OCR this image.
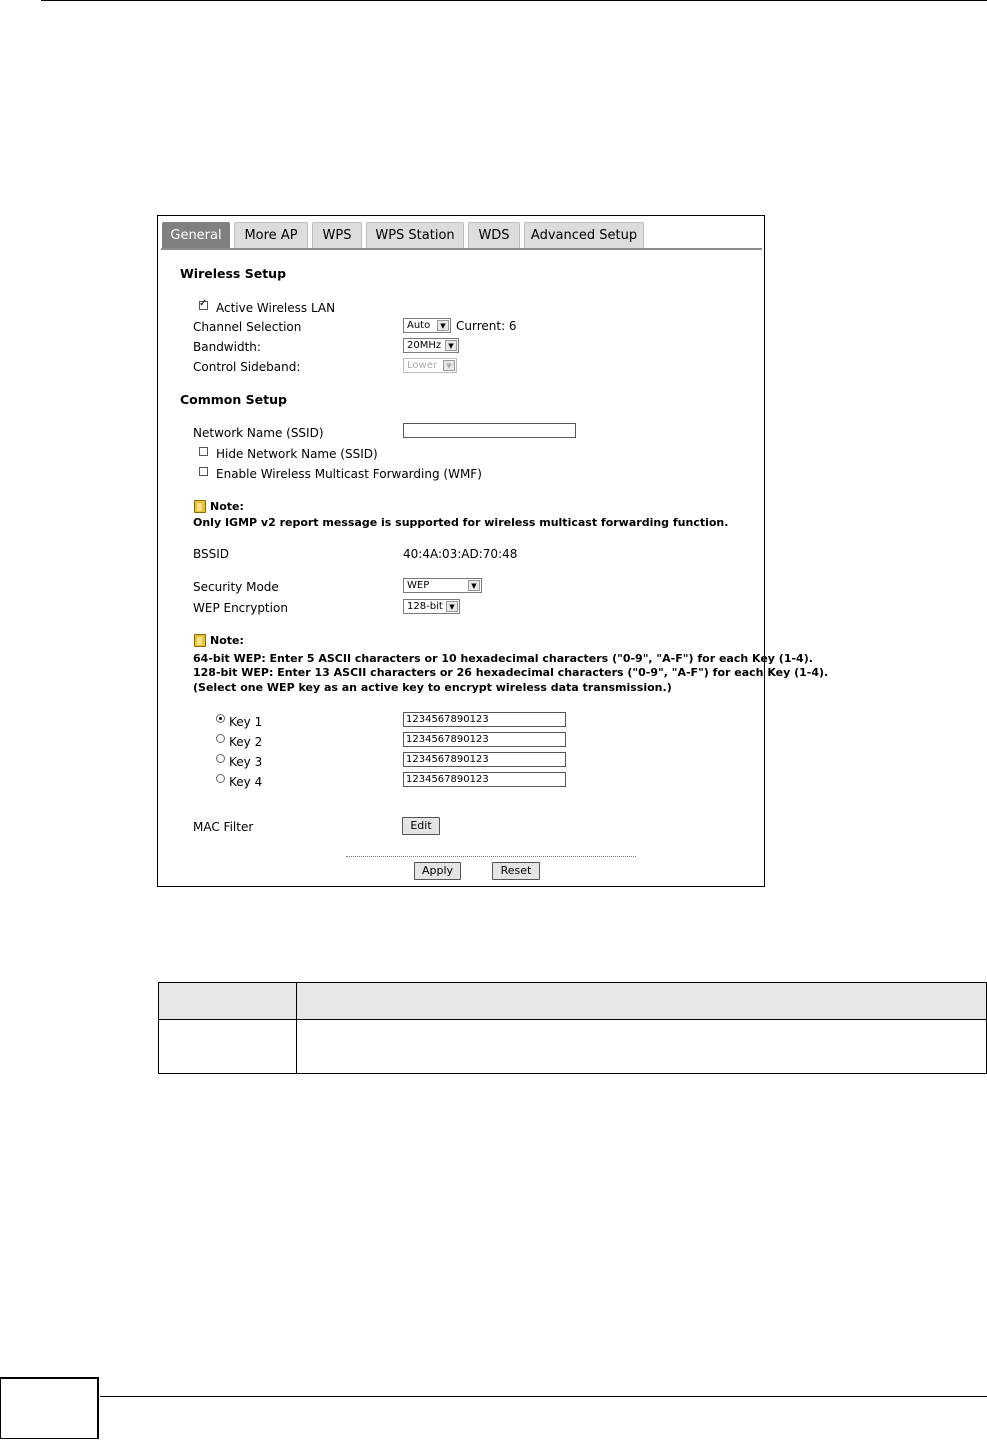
General	More AP	WPS	WPS Station	WDS	Advanced Setup
Wireless Setup
✓
Active Wireless LAN
Channel Selection	Auto	▼ Current: 6
Bandwidth:	20MHz	▼
Control Sideband:	Lower	▼
Common Setup
Network Name (SSID)
Hide Network Name (SSID)
Enable Wireless Multicast Forwarding (WMF)
Note:
Only IGMP v2 report message is supported for wireless multicast forwarding function.
BSSID	40:4A:03:AD:70:48
Security Mode	WEP	▼
WEP Encryption	128-bit ▼
Note:
64-bit WEP: Enter 5 ASCII characters or 10 hexadecimal characters ("0-9", "A-F") for each Key (1-4).
128-bit WEP: Enter 13 ASCII characters or 26 hexadecimal characters ("0-9", "A-F") for each Key (1-4).
(Select one WEP key as an active key to encrypt wireless data transmission.)
Key 1	1234567890123
Key 2	1234567890123
Key 3	1234567890123
Key 4	1234567890123
MAC Filter	Edit
Apply	Reset
